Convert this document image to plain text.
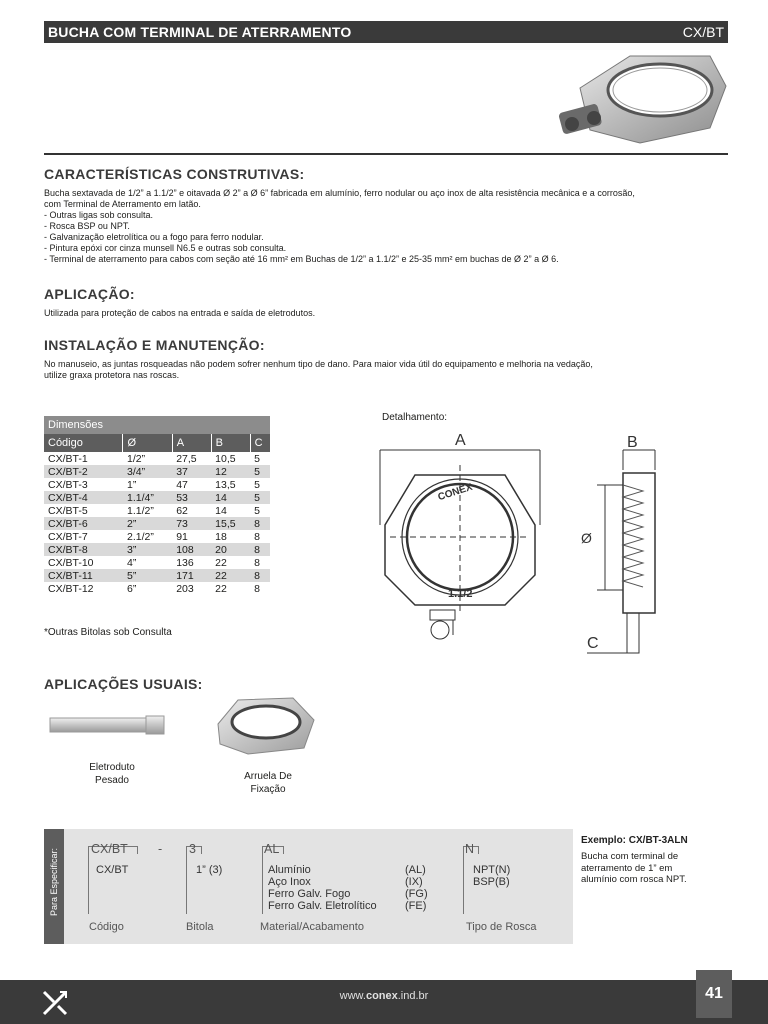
BUCHA COM TERMINAL DE ATERRAMENTO	CX/BT
CARACTERÍSTICAS CONSTRUTIVAS:
Bucha sextavada de 1/2” a 1.1/2” e oitavada Ø 2” a Ø 6” fabricada em alumínio, ferro nodular ou aço inox de alta resistência mecânica e a corrosão,
com Terminal de Aterramento em latão.
- Outras ligas sob consulta.
- Rosca BSP ou NPT.
- Galvanização eletrolítica ou a fogo para ferro nodular.
- Pintura epóxi cor cinza munsell N6.5 e outras sob consulta.
- Terminal de aterramento para cabos com seção até 16 mm² em Buchas de 1/2” a 1.1/2” e 25-35 mm² em buchas de Ø 2” a Ø 6.
APLICAÇÃO:
Utilizada para proteção de cabos na entrada e saída de eletrodutos.
INSTALAÇÃO E MANUTENÇÃO:
No manuseio, as juntas rosqueadas não podem sofrer nenhum tipo de dano. Para maior vida útil do equipamento e melhoria na vedação,
utilize graxa protetora nas roscas.
Dimensões				
Código	Ø	A	B	C
CX/BT-1	1/2”	27,5	10,5	5
CX/BT-2	3/4”	37	12	5
CX/BT-3	1”	47	13,5	5
CX/BT-4	1.1/4”	53	14	5
CX/BT-5	1.1/2”	62	14	5
CX/BT-6	2”	73	15,5	8
CX/BT-7	2.1/2”	91	18	8
CX/BT-8	3”	108	20	8
CX/BT-10	4”	136	22	8
CX/BT-11	5”	171	22	8
CX/BT-12	6”	203	22	8
*Outras Bitolas sob Consulta
Detalhamento:
A	B
C
Ø
CONEX
1.1/2
APLICAÇÕES USUAIS:
Eletroduto
Pesado	Arruela De
Fixação
Para Especificar:	CX/BT - 3	AL	N
CX/BT	1” (3)	Alumínio
Aço Inox
Ferro Galv. Fogo
Ferro Galv. Eletrolítico
(AL)
(IX)
(FG)
(FE)
NPT(N)
BSP(B)
Código	Bitola	Material/Acabamento	Tipo de Rosca
Exemplo: CX/BT-3ALN
Bucha com terminal de
aterramento de 1” em
alumínio com rosca NPT.
www.conex.ind.br	41
